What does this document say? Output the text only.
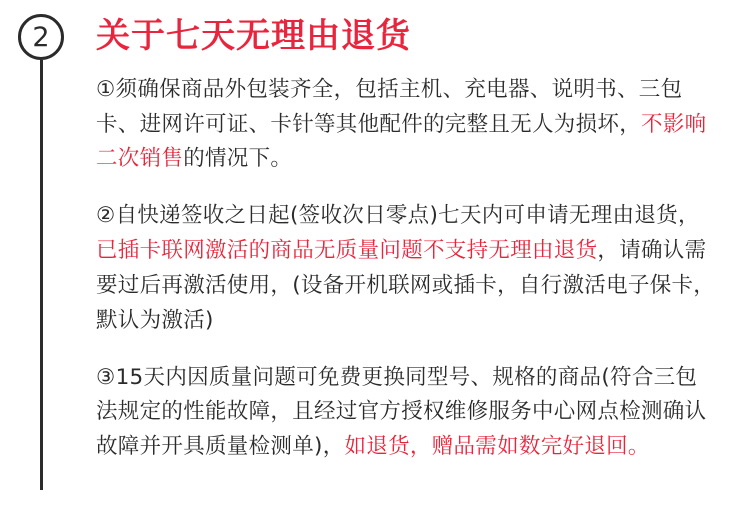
2 关于七天无理由退货
①须确保商品外包装齐全，包括主机、充电器、说明书、三包卡、进网许可证、卡针等其他配件的完整且无人为损坏，不影响二次销售的情况下。
②自快递签收之日起(签收次日零点)七天内可申请无理由退货，已插卡联网激活的商品无质量问题不支持无理由退货，请确认需要过后再激活使用，(设备开机联网或插卡，自行激活电子保卡，默认为激活)
③15天内因质量问题可免费更换同型号、规格的商品(符合三包法规定的性能故障，且经过官方授权维修服务中心网点检测确认故障并开具质量检测单)，如退货，赠品需如数完好退回。
